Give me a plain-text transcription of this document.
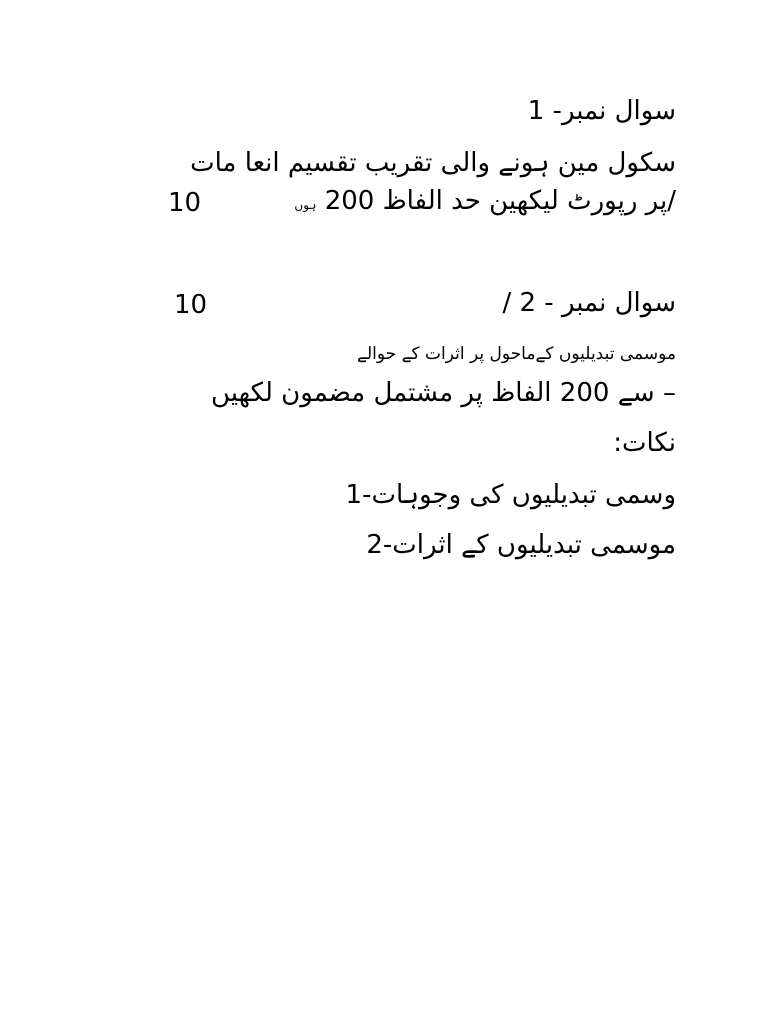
سوال نمبر- 1
سکول مین ہونے والی تقریب تقسیم انعا مات
/پر رپورٹ لیکھین حد الفاظ 200 ہوں
10
سوال نمبر - 2 /
10
موسمی تبدیلیوں کےماحول پر اثرات کے حوالے
– سے 200 الفاظ پر مشتمل مضمون لکھیں
نکات:
وسمی تبدیلیوں کی وجوہات-1
موسمی تبدیلیوں کے اثرات-2
